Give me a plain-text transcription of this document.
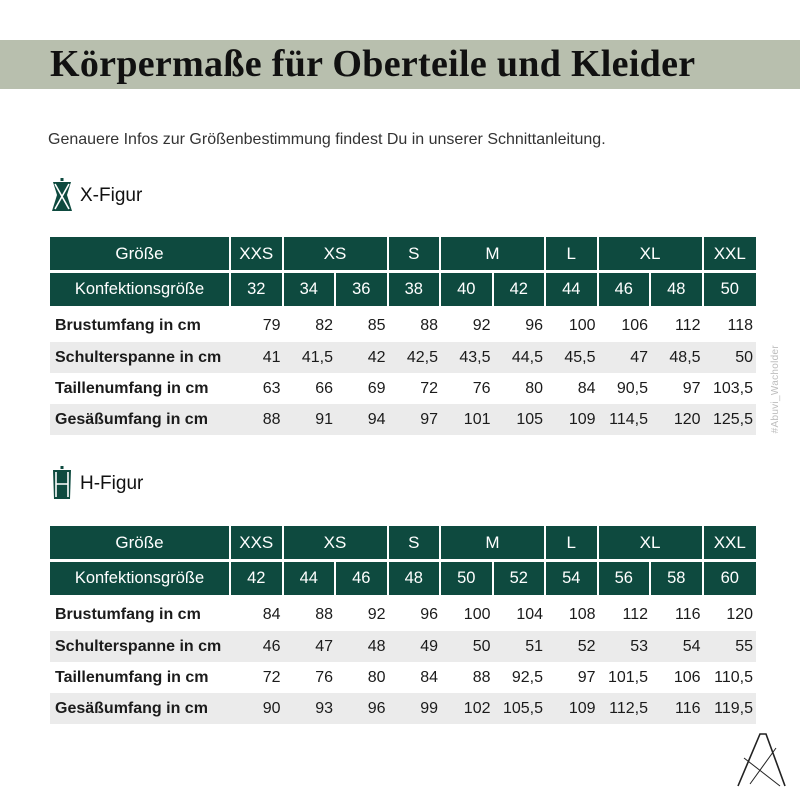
Körpermaße für Oberteile und Kleider

Genauere Infos zur Größenbestimmung findest Du in unserer Schnittanleitung.

X-Figur
Größe	XXS	XS		S	M		L	XL		XXL
Konfektionsgröße	32	34	36	38	40	42	44	46	48	50
Brustumfang in cm	79	82	85	88	92	96	100	106	112	118
Schulterspanne in cm	41	41,5	42	42,5	43,5	44,5	45,5	47	48,5	50
Taillenumfang in cm	63	66	69	72	76	80	84	90,5	97	103,5
Gesäßumfang in cm	88	91	94	97	101	105	109	114,5	120	125,5
H-Figur
Größe	XXS	XS		S	M		L	XL		XXL
Konfektionsgröße	42	44	46	48	50	52	54	56	58	60
Brustumfang in cm	84	88	92	96	100	104	108	112	116	120
Schulterspanne in cm	46	47	48	49	50	51	52	53	54	55
Taillenumfang in cm	72	76	80	84	88	92,5	97	101,5	106	110,5
Gesäßumfang in cm	90	93	96	99	102	105,5	109	112,5	116	119,5
#Abuvi_Wacholder
